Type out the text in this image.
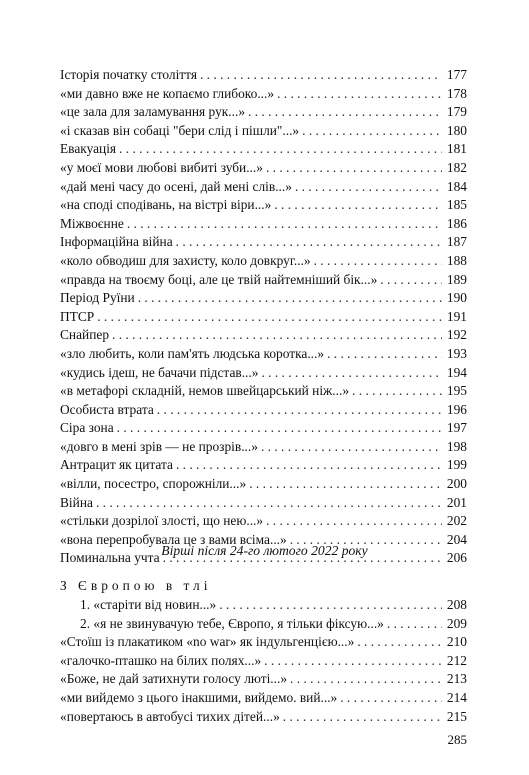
Історія початку століття . . .	177
«ми давно вже не копаємо глибоко...» . . .	178
«це зала для заламування рук...» . . .	179
«і сказав він собаці "бери слід і пішли"...» . . .	180
Евакуація . . .	181
«у моєї мови любові вибиті зуби...» . . .	182
«дай мені часу до осені, дай мені слів...» . . .	184
«на споді сподівань, на вістрі віри...» . . .	185
Міжвоєнне . . .	186
Інформаційна війна . . .	187
«коло обводиш для захисту, коло довкруг...» . . .	188
«правда на твоєму боці, але це твій найтемніший бік...» . . .	189
Період Руїни . . .	190
ПТСР . . .	191
Снайпер . . .	192
«зло любить, коли пам'ять людська коротка...» . . .	193
«кудись ідеш, не бачачи підстав...» . . .	194
«в метафорі складній, немов швейцарський ніж...» . . .	195
Особиста втрата . . .	196
Сіра зона . . .	197
«довго в мені зрів — не прозрів...» . . .	198
Антрацит як цитата . . .	199
«вілли, посестро, спорожніли...» . . .	200
Війна . . .	201
«стільки дозрілої злості, що нею...» . . .	202
«вона перепробувала це з вами всіма...» . . .	204
Поминальна учта . . .	206
Вірші після 24-го лютого 2022 року
З Європою в тлі
1. «старіти від новин...» . . .	208
2. «я не звинувачую тебе, Європо, я тільки фіксую...» . . .	209
«Стоїш із плакатиком «no war» як індульгенцією...» . . .	210
«галочко-пташко на білих полях...» . . .	212
«Боже, не дай затихнути голосу люті...» . . .	213
«ми вийдемо з цього інакшими, вийдемо. вий...» . . .	214
«повертаюсь в автобусі тихих дітей...» . . .	215
285
